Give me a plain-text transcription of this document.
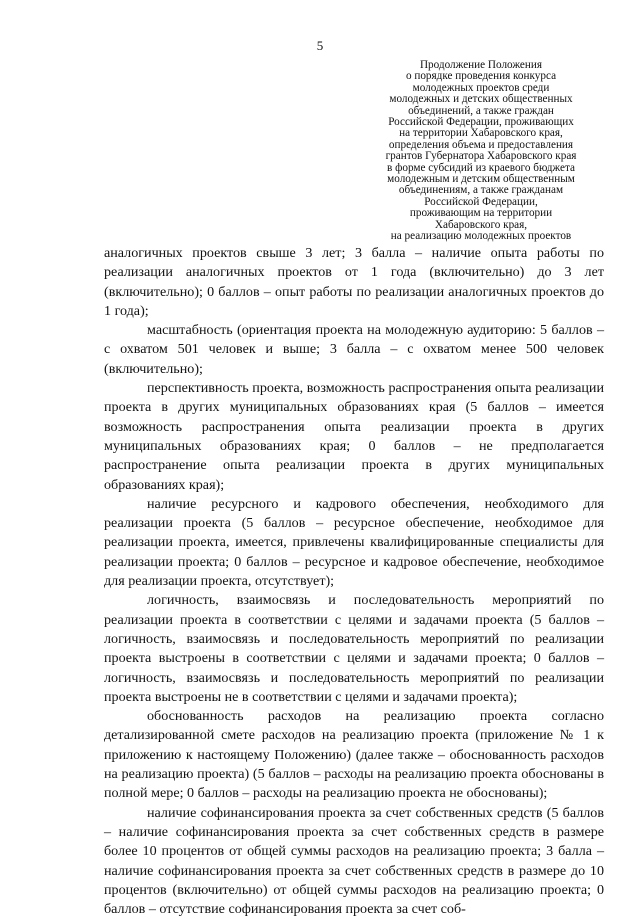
5
Продолжение Положения
о порядке проведения конкурса
молодежных проектов среди
молодежных и детских общественных
объединений, а также граждан
Российской Федерации, проживающих
на территории Хабаровского края,
определения объема и предоставления
грантов Губернатора Хабаровского края
в форме субсидий из краевого бюджета
молодежным и детским общественным
объединениям, а также гражданам
Российской Федерации,
проживающим на территории
Хабаровского края,
на реализацию молодежных проектов

аналогичных проектов свыше 3 лет; 3 балла – наличие опыта работы по реализации аналогичных проектов от 1 года (включительно) до 3 лет (включительно); 0 баллов – опыт работы по реализации аналогичных проектов до 1 года);

масштабность (ориентация проекта на молодежную аудиторию: 5 баллов – с охватом 501 человек и выше; 3 балла – с охватом менее 500 человек (включительно);

перспективность проекта, возможность распространения опыта реализации проекта в других муниципальных образованиях края (5 баллов – имеется возможность распространения опыта реализации проекта в других муниципальных образованиях края; 0 баллов – не предполагается распространение опыта реализации проекта в других муниципальных образованиях края);

наличие ресурсного и кадрового обеспечения, необходимого для реализации проекта (5 баллов – ресурсное обеспечение, необходимое для реализации проекта, имеется, привлечены квалифицированные специалисты для реализации проекта; 0 баллов – ресурсное и кадровое обеспечение, необходимое для реализации проекта, отсутствует);

логичность, взаимосвязь и последовательность мероприятий по реализации проекта в соответствии с целями и задачами проекта (5 баллов – логичность, взаимосвязь и последовательность мероприятий по реализации проекта выстроены в соответствии с целями и задачами проекта; 0 баллов – логичность, взаимосвязь и последовательность мероприятий по реализации проекта выстроены не в соответствии с целями и задачами проекта);

обоснованность расходов на реализацию проекта согласно детализированной смете расходов на реализацию проекта (приложение № 1 к приложению к настоящему Положению) (далее также – обоснованность расходов на реализацию проекта) (5 баллов – расходы на реализацию проекта обоснованы в полной мере; 0 баллов – расходы на реализацию проекта не обоснованы);

наличие софинансирования проекта за счет собственных средств (5 баллов – наличие софинансирования проекта за счет собственных средств в размере более 10 процентов от общей суммы расходов на реализацию проекта; 3 балла – наличие софинансирования проекта за счет собственных средств в размере до 10 процентов (включительно) от общей суммы расходов на реализацию проекта; 0 баллов – отсутствие софинансирования проекта за счет соб-
